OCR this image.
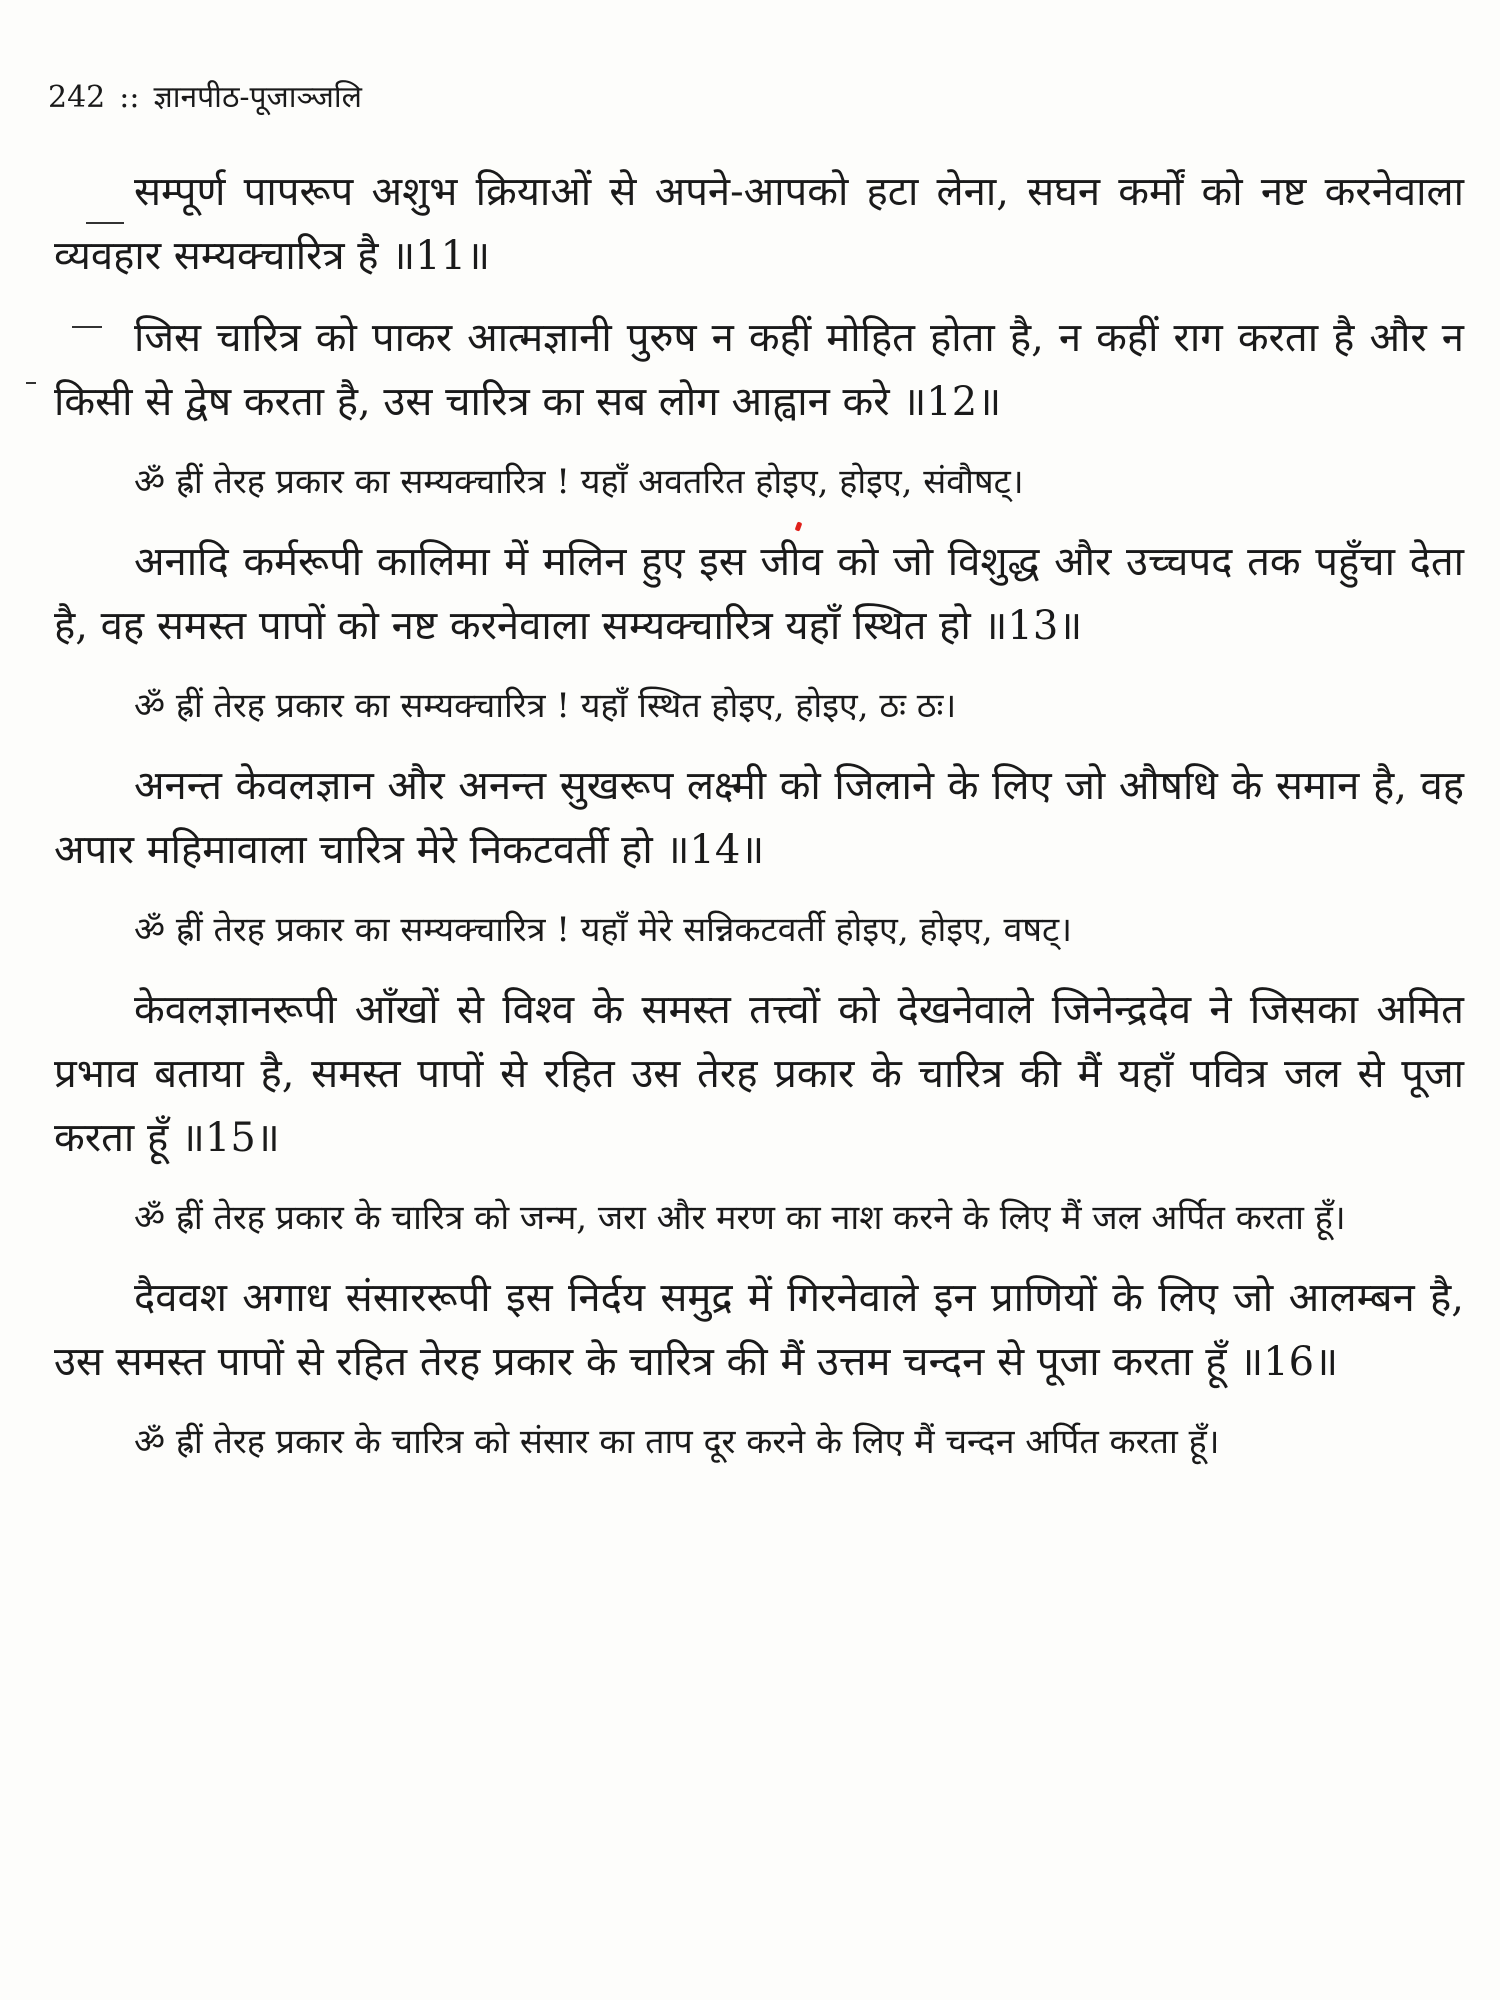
242 :: ज्ञानपीठ-पूजाञ्जलि

सम्पूर्ण पापरूप अशुभ क्रियाओं से अपने-आपको हटा लेना, सघन कर्मों को नष्ट करनेवाला व्यवहार सम्यक्चारित्र है ॥11॥

जिस चारित्र को पाकर आत्मज्ञानी पुरुष न कहीं मोहित होता है, न कहीं राग करता है और न किसी से द्वेष करता है, उस चारित्र का सब लोग आह्वान करे ॥12॥

ॐ ह्रीं तेरह प्रकार का सम्यक्चारित्र ! यहाँ अवतरित होइए, होइए, संवौषट्।

अनादि कर्मरूपी कालिमा में मलिन हुए इस जीव को जो विशुद्ध और उच्चपद तक पहुँचा देता है, वह समस्त पापों को नष्ट करनेवाला सम्यक्चारित्र यहाँ स्थित हो ॥13॥

ॐ ह्रीं तेरह प्रकार का सम्यक्चारित्र ! यहाँ स्थित होइए, होइए, ठः ठः।

अनन्त केवलज्ञान और अनन्त सुखरूप लक्ष्मी को जिलाने के लिए जो औषधि के समान है, वह अपार महिमावाला चारित्र मेरे निकटवर्ती हो ॥14॥

ॐ ह्रीं तेरह प्रकार का सम्यक्चारित्र ! यहाँ मेरे सन्निकटवर्ती होइए, होइए, वषट्।

केवलज्ञानरूपी आँखों से विश्व के समस्त तत्त्वों को देखनेवाले जिनेन्द्रदेव ने जिसका अमित प्रभाव बताया है, समस्त पापों से रहित उस तेरह प्रकार के चारित्र की मैं यहाँ पवित्र जल से पूजा करता हूँ ॥15॥

ॐ ह्रीं तेरह प्रकार के चारित्र को जन्म, जरा और मरण का नाश करने के लिए मैं जल अर्पित करता हूँ।

दैववश अगाध संसाररूपी इस निर्दय समुद्र में गिरनेवाले इन प्राणियों के लिए जो आलम्बन है, उस समस्त पापों से रहित तेरह प्रकार के चारित्र की मैं उत्तम चन्दन से पूजा करता हूँ ॥16॥

ॐ ह्रीं तेरह प्रकार के चारित्र को संसार का ताप दूर करने के लिए मैं चन्दन अर्पित करता हूँ।
